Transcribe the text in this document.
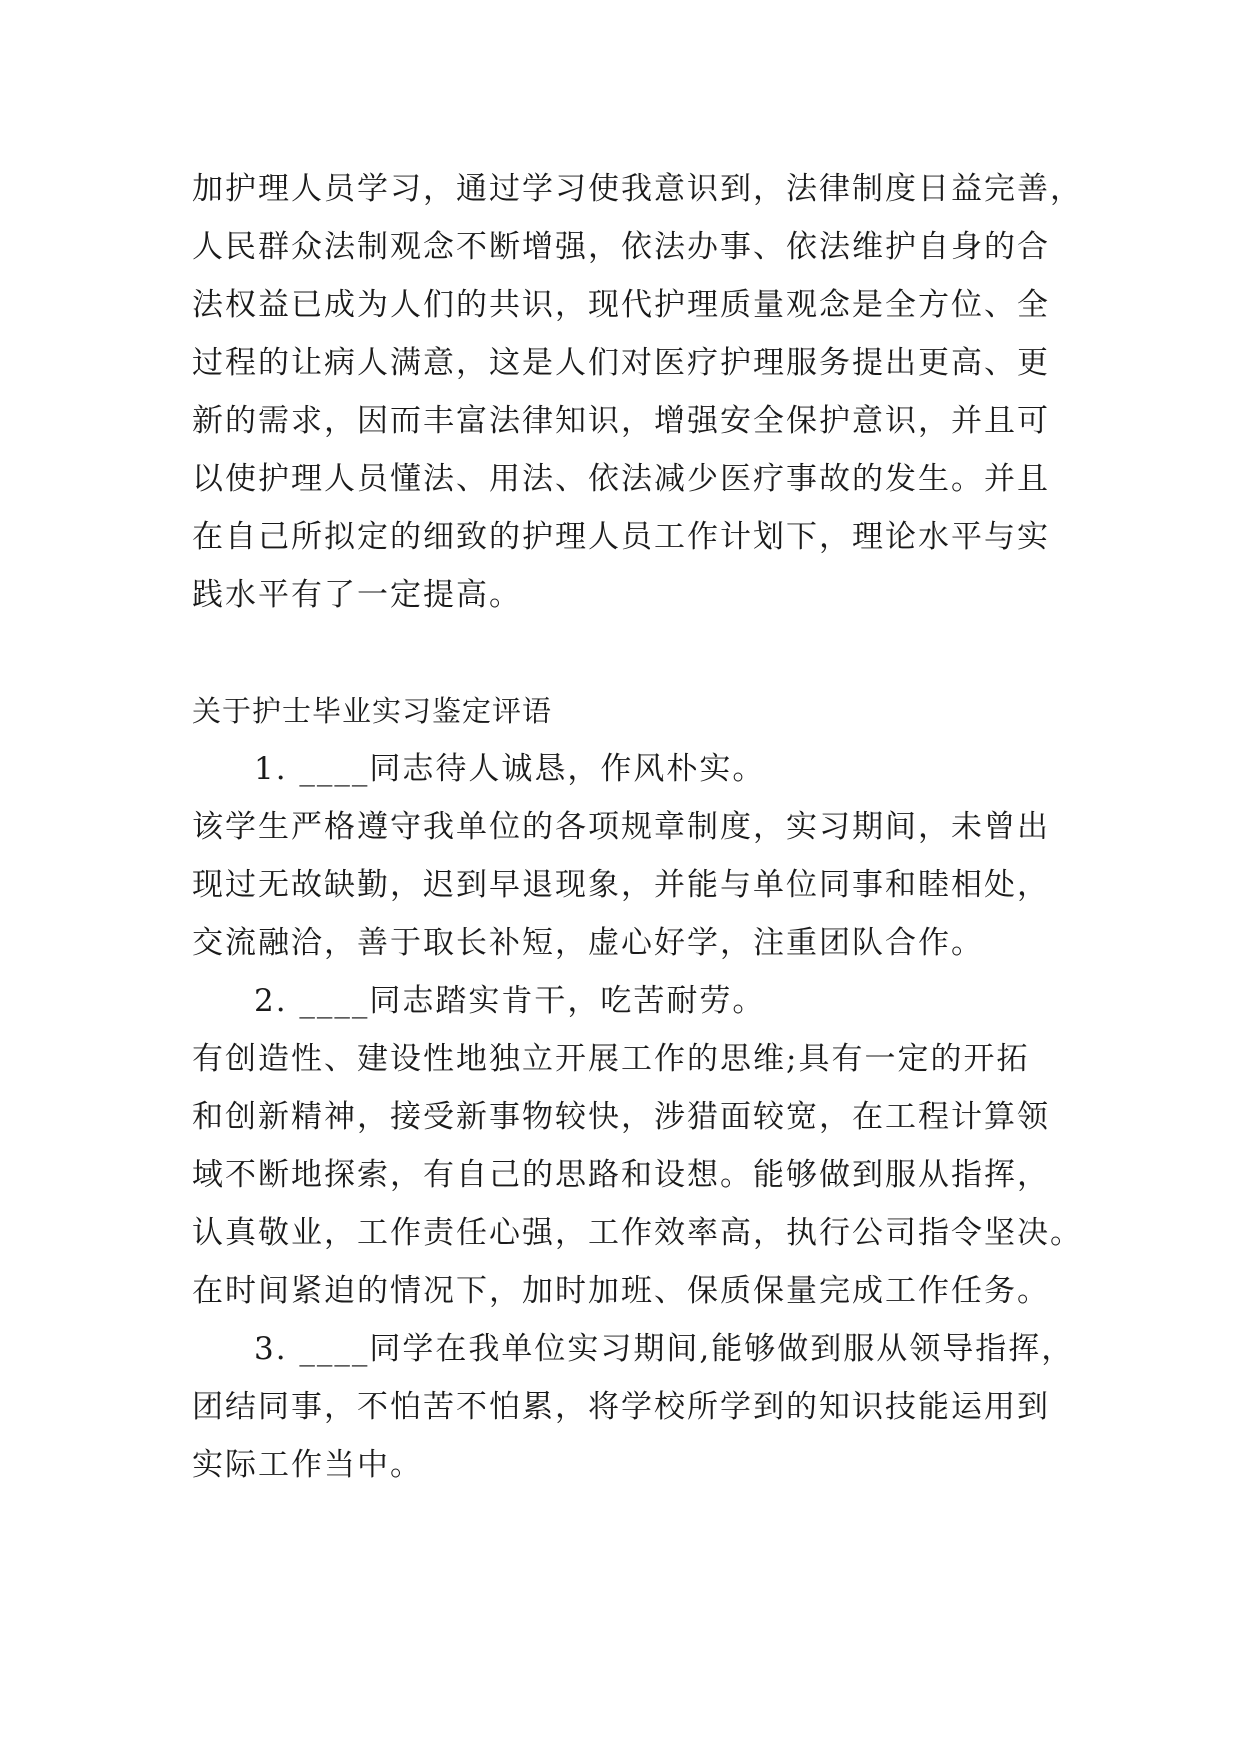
加护理人员学习，通过学习使我意识到，法律制度日益完善，
人民群众法制观念不断增强，依法办事、依法维护自身的合
法权益已成为人们的共识，现代护理质量观念是全方位、全
过程的让病人满意，这是人们对医疗护理服务提出更高、更
新的需求，因而丰富法律知识，增强安全保护意识，并且可
以使护理人员懂法、用法、依法减少医疗事故的发生。并且
在自己所拟定的细致的护理人员工作计划下，理论水平与实
践水平有了一定提高。
关于护士毕业实习鉴定评语
1. ____同志待人诚恳，作风朴实。
该学生严格遵守我单位的各项规章制度，实习期间，未曾出
现过无故缺勤，迟到早退现象，并能与单位同事和睦相处，
交流融洽，善于取长补短，虚心好学，注重团队合作。
2. ____同志踏实肯干，吃苦耐劳。
有创造性、建设性地独立开展工作的思维;具有一定的开拓
和创新精神，接受新事物较快，涉猎面较宽，在工程计算领
域不断地探索，有自己的思路和设想。能够做到服从指挥，
认真敬业，工作责任心强，工作效率高，执行公司指令坚决。
在时间紧迫的情况下，加时加班、保质保量完成工作任务。
3. ____同学在我单位实习期间,能够做到服从领导指挥，
团结同事，不怕苦不怕累，将学校所学到的知识技能运用到
实际工作当中。
